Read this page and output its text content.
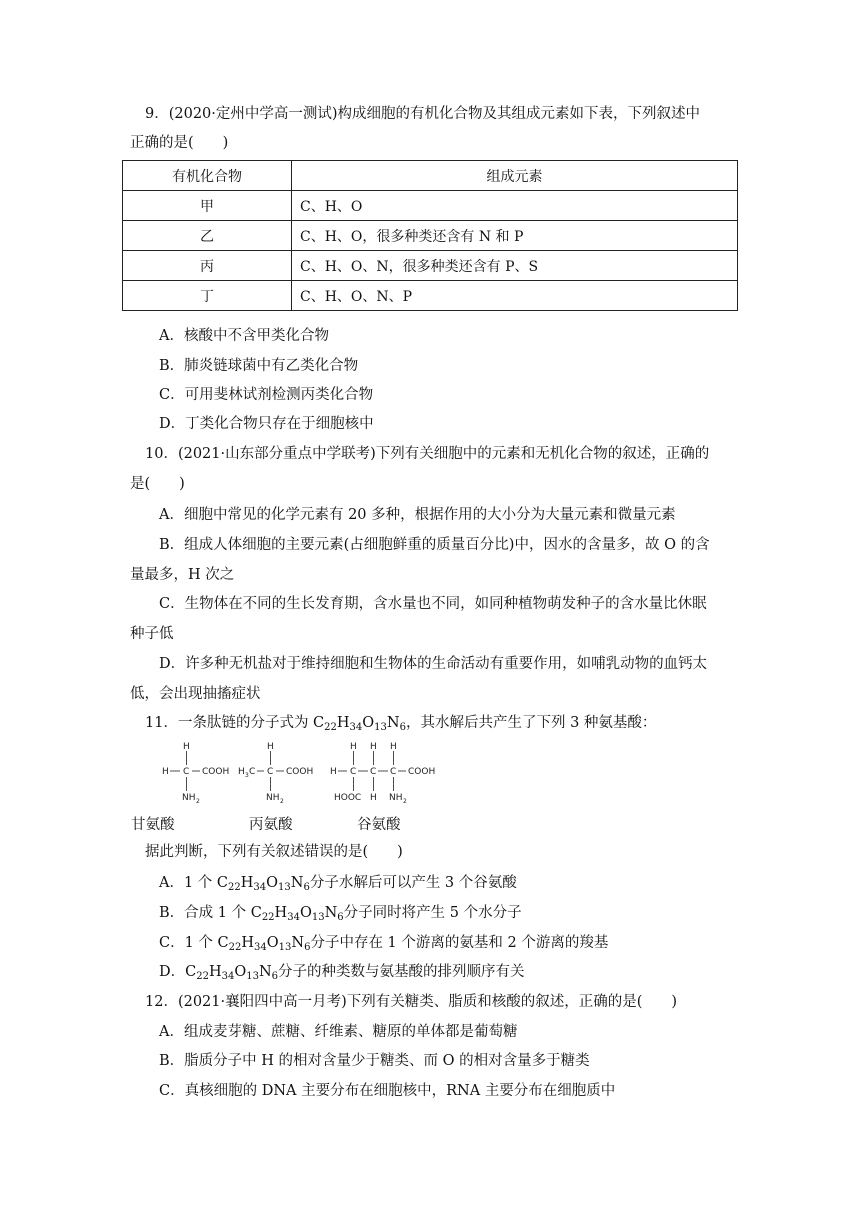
9．(2020·定州中学高一测试)构成细胞的有机化合物及其组成元素如下表，下列叙述中
正确的是(　　)
有机化合物	组成元素
甲	C、H、O
乙	C、H、O，很多种类还含有 N 和 P
丙	C、H、O、N，很多种类还含有 P、S
丁	C、H、O、N、P
A．核酸中不含甲类化合物
B．肺炎链球菌中有乙类化合物
C．可用斐林试剂检测丙类化合物
D．丁类化合物只存在于细胞核中
10．(2021·山东部分重点中学联考)下列有关细胞中的元素和无机化合物的叙述，正确的
是(　　)
A．细胞中常见的化学元素有 20 多种，根据作用的大小分为大量元素和微量元素
B．组成人体细胞的主要元素(占细胞鲜重的质量百分比)中，因水的含量多，故 O 的含
量最多，H 次之
C．生物体在不同的生长发育期，含水量也不同，如同种植物萌发种子的含水量比休眠
种子低
D．许多种无机盐对于维持细胞和生物体的生命活动有重要作用，如哺乳动物的血钙太
低，会出现抽搐症状
11．一条肽链的分子式为 $C_{22}H_{34}O_{13}N_6$，其水解后共产生了下列 3 种氨基酸：
H
H C COOH
NH 2
H
H 3 C C COOH
NH 2
H H H
H C C C COOH
HOOC H NH 2
甘氨酸	丙氨酸	谷氨酸
据此判断，下列有关叙述错误的是(　　)
A．1 个 $C_{22}H_{34}O_{13}N_6$分子水解后可以产生 3 个谷氨酸
B．合成 1 个 $C_{22}H_{34}O_{13}N_6$分子同时将产生 5 个水分子
C．1 个 $C_{22}H_{34}O_{13}N_6$分子中存在 1 个游离的氨基和 2 个游离的羧基
D．$C_{22}H_{34}O_{13}N_6$分子的种类数与氨基酸的排列顺序有关
12．(2021·襄阳四中高一月考)下列有关糖类、脂质和核酸的叙述，正确的是(　　)
A．组成麦芽糖、蔗糖、纤维素、糖原的单体都是葡萄糖
B．脂质分子中 H 的相对含量少于糖类、而 O 的相对含量多于糖类
C．真核细胞的 DNA 主要分布在细胞核中，RNA 主要分布在细胞质中
